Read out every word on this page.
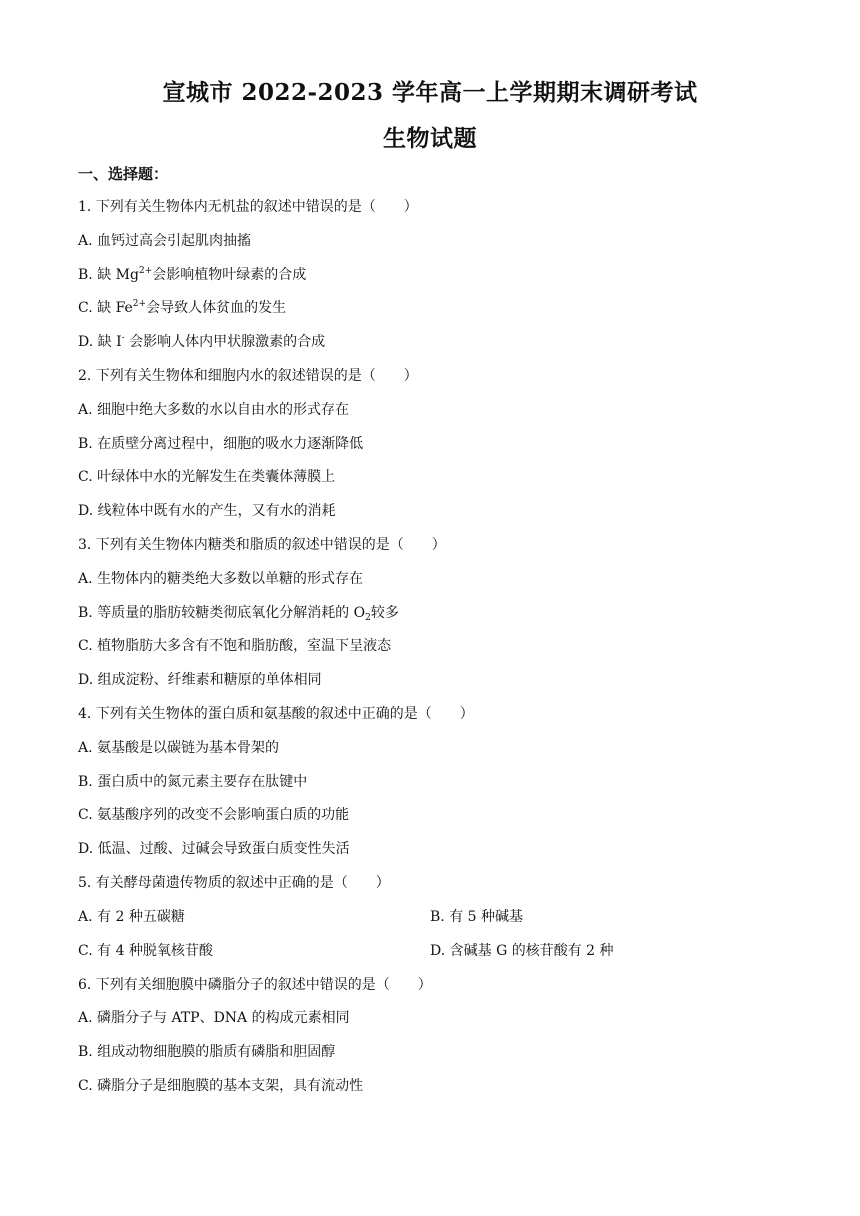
宣城市 2022-2023 学年高一上学期期末调研考试
生物试题
一、选择题：
1. 下列有关生物体内无机盐的叙述中错误的是（　　）
A. 血钙过高会引起肌肉抽搐
B. 缺 $Mg^{2+}$会影响植物叶绿素的合成
C. 缺 $Fe^{2+}$会导致人体贫血的发生
D. 缺 I- 会影响人体内甲状腺激素的合成
2. 下列有关生物体和细胞内水的叙述错误的是（　　）
A. 细胞中绝大多数的水以自由水的形式存在
B. 在质壁分离过程中，细胞的吸水力逐渐降低
C. 叶绿体中水的光解发生在类囊体薄膜上
D. 线粒体中既有水的产生，又有水的消耗
3. 下列有关生物体内糖类和脂质的叙述中错误的是（　　）
A. 生物体内的糖类绝大多数以单糖的形式存在
B. 等质量的脂肪较糖类彻底氧化分解消耗的 $O_2$较多
C. 植物脂肪大多含有不饱和脂肪酸，室温下呈液态
D. 组成淀粉、纤维素和糖原的单体相同
4. 下列有关生物体的蛋白质和氨基酸的叙述中正确的是（　　）
A. 氨基酸是以碳链为基本骨架的
B. 蛋白质中的氮元素主要存在肽键中
C. 氨基酸序列的改变不会影响蛋白质的功能
D. 低温、过酸、过碱会导致蛋白质变性失活
5. 有关酵母菌遗传物质的叙述中正确的是（　　）
A. 有 2 种五碳糖	B. 有 5 种碱基
C. 有 4 种脱氧核苷酸	D. 含碱基 G 的核苷酸有 2 种
6. 下列有关细胞膜中磷脂分子的叙述中错误的是（　　）
A. 磷脂分子与 ATP、DNA 的构成元素相同
B. 组成动物细胞膜的脂质有磷脂和胆固醇
C. 磷脂分子是细胞膜的基本支架，具有流动性
